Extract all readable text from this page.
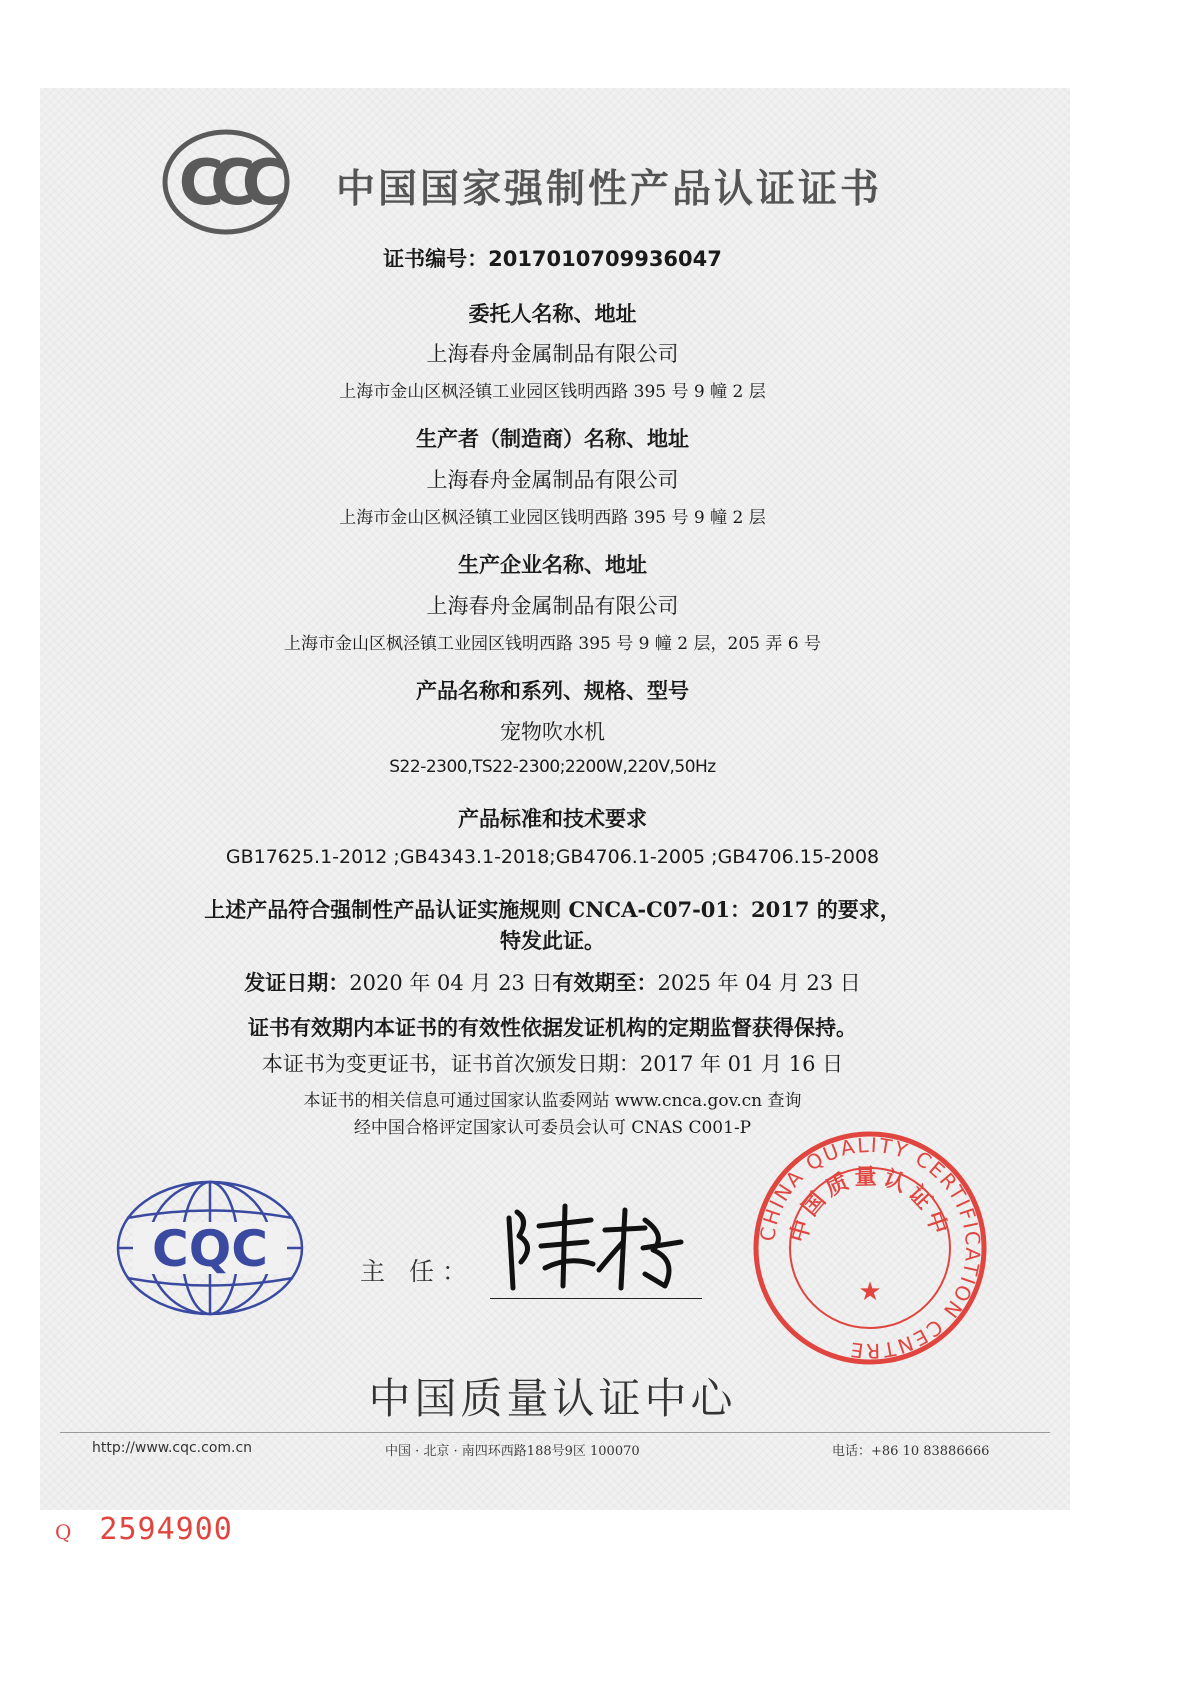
CCC 中国国家强制性产品认证证书
证书编号：2017010709936047
委托人名称、地址
上海春舟金属制品有限公司
上海市金山区枫泾镇工业园区钱明西路 395 号 9 幢 2 层
生产者（制造商）名称、地址
上海春舟金属制品有限公司
上海市金山区枫泾镇工业园区钱明西路 395 号 9 幢 2 层
生产企业名称、地址
上海春舟金属制品有限公司
上海市金山区枫泾镇工业园区钱明西路 395 号 9 幢 2 层，205 弄 6 号
产品名称和系列、规格、型号
宠物吹水机
S22-2300,TS22-2300;2200W,220V,50Hz
产品标准和技术要求
GB17625.1-2012 ;GB4343.1-2018;GB4706.1-2005 ;GB4706.15-2008
上述产品符合强制性产品认证实施规则 CNCA-C07-01：2017 的要求，
特发此证。
发证日期：2020 年 04 月 23 日有效期至：2025 年 04 月 23 日
证书有效期内本证书的有效性依据发证机构的定期监督获得保持。
本证书为变更证书，证书首次颁发日期：2017 年 01 月 16 日
本证书的相关信息可通过国家认监委网站 www.cnca.gov.cn 查询
经中国合格评定国家认可委员会认可 CNAS C001-P
CQC	主 任：
CHINA QUALITY CERTIFICATION CENTRE
中国质量认证中
★
中国质量认证中心
http://www.cqc.com.cn	中国 · 北京 · 南四环西路188号9区 100070	电话：+86 10 83886666
Q 2594900
